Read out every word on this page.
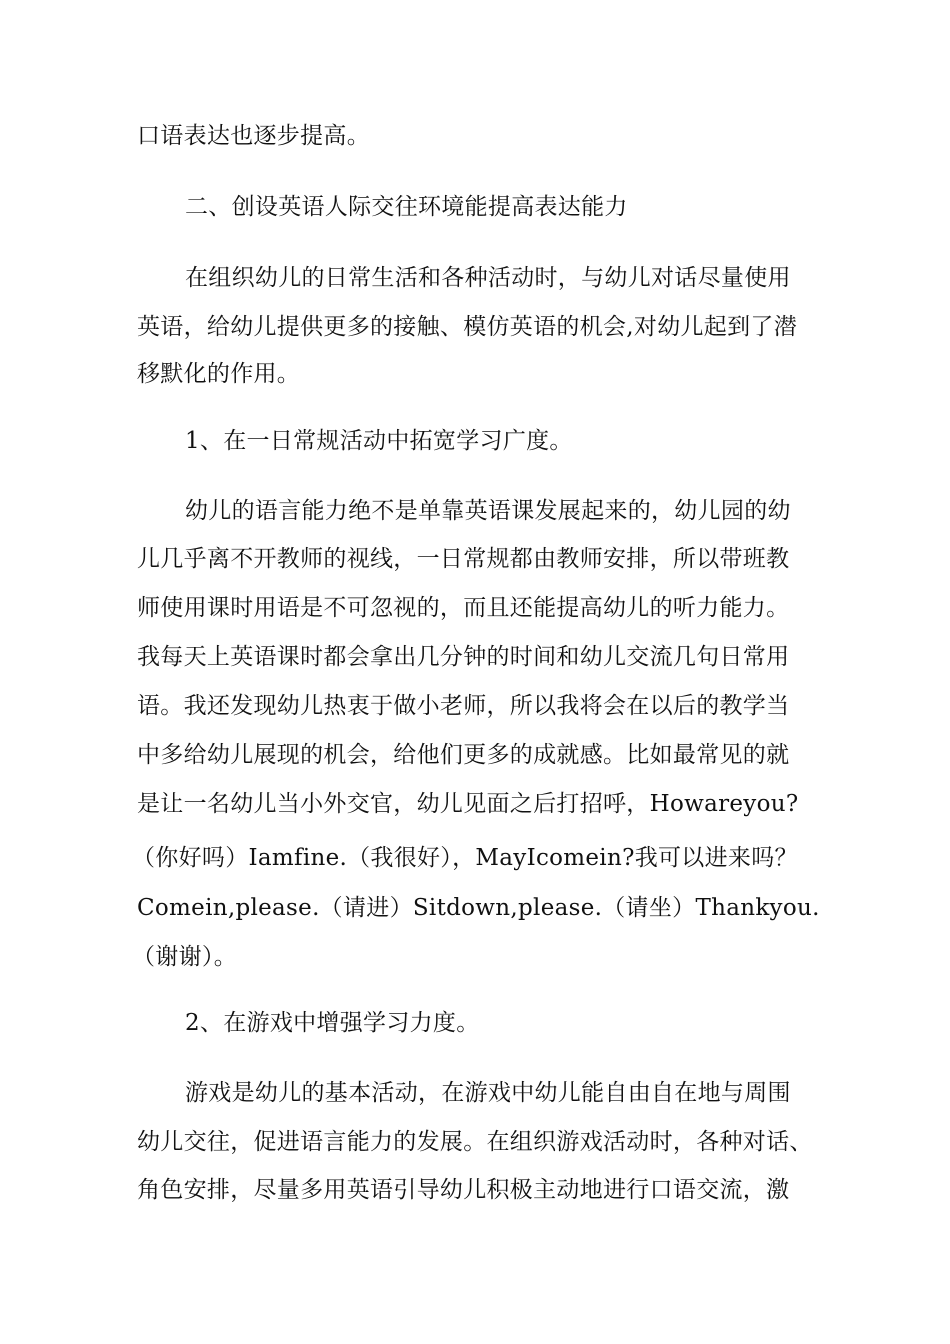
口语表达也逐步提高。
二、创设英语人际交往环境能提高表达能力
在组织幼儿的日常生活和各种活动时，与幼儿对话尽量使用
英语，给幼儿提供更多的接触、模仿英语的机会,对幼儿起到了潜
移默化的作用。
1、在一日常规活动中拓宽学习广度。
幼儿的语言能力绝不是单靠英语课发展起来的，幼儿园的幼
儿几乎离不开教师的视线，一日常规都由教师安排，所以带班教
师使用课时用语是不可忽视的，而且还能提高幼儿的听力能力。
我每天上英语课时都会拿出几分钟的时间和幼儿交流几句日常用
语。我还发现幼儿热衷于做小老师，所以我将会在以后的教学当
中多给幼儿展现的机会，给他们更多的成就感。比如最常见的就
是让一名幼儿当小外交官，幼儿见面之后打招呼，Howareyou?
（你好吗）Iamfine.（我很好），MayIcomein?我可以进来吗？
Comein,please.（请进）Sitdown,please.（请坐）Thankyou.
（谢谢）。
2、在游戏中增强学习力度。
游戏是幼儿的基本活动，在游戏中幼儿能自由自在地与周围
幼儿交往，促进语言能力的发展。在组织游戏活动时，各种对话、
角色安排，尽量多用英语引导幼儿积极主动地进行口语交流，激
